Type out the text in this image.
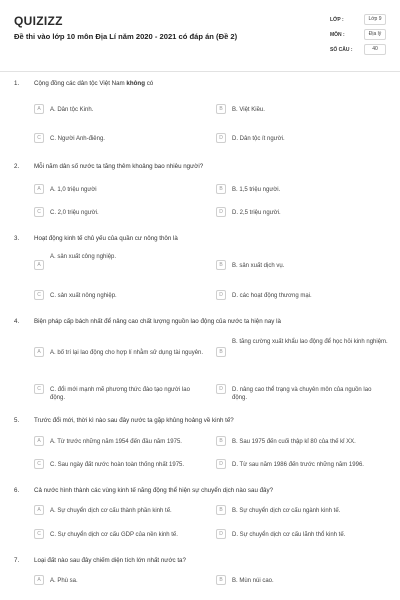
QUIZIZZ
Đề thi vào lớp 10 môn Địa Lí năm 2020 - 2021 có đáp án (Đề 2)
LỚP :	Lớp 9
MÔN :	Địa lý
SỐ CÂU :	40
1. Cộng đồng các dân tộc Việt Nam không có
A	A. Dân tộc Kinh.	B	B. Việt Kiều.
C	C. Người Anh-điêng.	D	D. Dân tộc ít người.
2. Mỗi năm dân số nước ta tăng thêm khoảng bao nhiêu người?
A	A. 1,0 triệu người	B	B. 1,5 triệu người.
C	C. 2,0 triệu người.	D	D. 2,5 triệu người.
3. Hoạt động kinh tế chủ yếu của quần cư nông thôn là
A
A. sản xuất công nghiệp.
B	B. sản xuất dịch vụ.
C	C. sản xuất nông nghiệp.	D	D. các hoạt động thương mại.
4. Biện pháp cấp bách nhất để nâng cao chất lượng nguồn lao động của nước ta hiện nay là
A	A. bố trí lại lao động cho hợp lí nhằm sử dụng tài nguyên.	B
B. tăng cường xuất khẩu lao động để học hỏi kinh nghiệm.
C	C. đổi mới mạnh mẽ phương thức đào tạo người lao động.
D	D. nâng cao thể trạng và chuyên môn của nguồn lao động.
5. Trước đổi mới, thời kì nào sau đây nước ta gặp khủng hoảng về kinh tế?
A	A. Từ trước những năm 1954 đến đầu năm 1975.	B	B. Sau 1975 đến cuối thập kỉ 80 của thế kỉ XX.
C	C. Sau ngày đất nước hoàn toàn thống nhất 1975.	D	D. Từ sau năm 1986 đến trước những năm 1996.
6. Cả nước hình thành các vùng kinh tế năng động thể hiện sự chuyển dịch nào sau đây?
A	A. Sự chuyển dịch cơ cấu thành phần kinh tế.	B	B. Sự chuyển dịch cơ cấu ngành kinh tế.
C	C. Sự chuyển dịch cơ cấu GDP của nền kinh tế.	D	D. Sự chuyển dịch cơ cấu lãnh thổ kinh tế.
7. Loại đất nào sau đây chiếm diện tích lớn nhất nước ta?
A	A. Phù sa.	B	B. Mùn núi cao.
